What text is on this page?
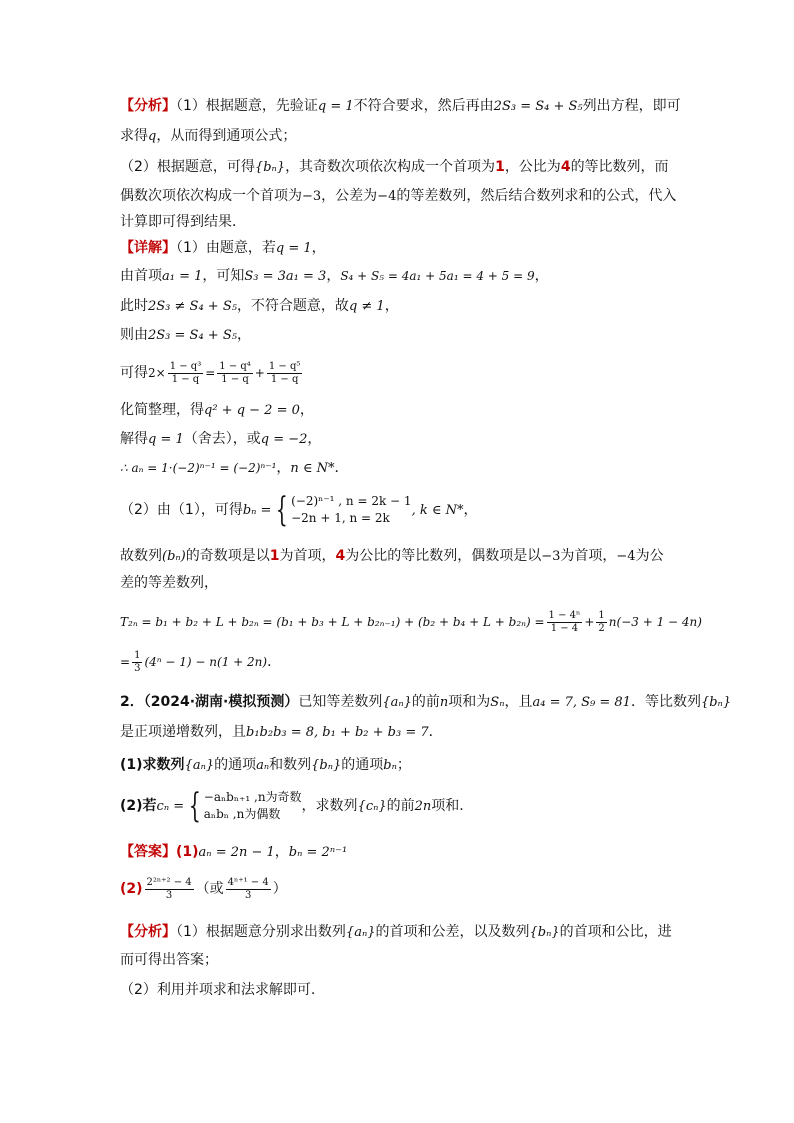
【分析】（1）根据题意，先验证q = 1不符合要求，然后再由2S₃ = S₄ + S₅列出方程，即可
求得q，从而得到通项公式；
（2）根据题意，可得{bₙ}，其奇数次项依次构成一个首项为1，公比为4的等比数列，而
偶数次项依次构成一个首项为−3，公差为−4的等差数列，然后结合数列求和的公式，代入
计算即可得到结果．
【详解】（1）由题意，若q = 1，
由首项a₁ = 1，可知S₃ = 3a₁ = 3，S₄ + S₅ = 4a₁ + 5a₁ = 4 + 5 = 9，
此时2S₃ ≠ S₄ + S₅，不符合题意，故q ≠ 1，
则由2S₃ = S₄ + S₅，
可得$2\times \frac{\text{1 − q³}}{1 - q} = \frac{\text{1 − q⁴}}{1 - q} + \frac{\text{1 − q⁵}}{1 - q}$
化简整理，得q² + q − 2 = 0，
解得q = 1（舍去），或q = −2，
∴ aₙ = 1·(−2)ⁿ⁻¹ = (−2)ⁿ⁻¹，n ∈ N*．
（2）由（1），可得bₙ = { (−2)ⁿ⁻¹ , n = 2k − 1
−2n + 1, n = 2k	, k ∈ N*，
故数列(bₙ)的奇数项是以1为首项，4为公比的等比数列，偶数项是以−3为首项，−4为公
差的等差数列，
$T_{2n} = b_1 + b_2 + L + b_{2n} = (b_1 + b_3 + L + b_{2n-1}) + (b_2 + b_4 + L + b_{2n}) = \frac{\text{1 − 4ⁿ}}{1 - 4} + \frac{1}{2} n(-3 + 1 - 4n)$
= $\frac{1}{3} (4^n - 1) - n(1 + 2n)$．
2．（2024·湖南·模拟预测）已知等差数列{aₙ}的前n项和为Sₙ，且a₄ = 7, S₉ = 81．等比数列{bₙ}
是正项递增数列，且b₁b₂b₃ = 8, b₁ + b₂ + b₃ = 7．
(1)求数列{aₙ}的通项aₙ和数列{bₙ}的通项bₙ；
(2)若cₙ = { −aₙbₙ₊₁ ,n为奇数
aₙbₙ ,n为偶数	，求数列{cₙ}的前2n项和.
【答案】(1)aₙ = 2n − 1，bₙ = 2ⁿ⁻¹
$(2) \frac{\text{2²ⁿ⁺² − 4}}{3}$ （或 $\frac{\text{4ⁿ⁺¹ − 4}}{3}$ ）
【分析】（1）根据题意分别求出数列{aₙ}的首项和公差，以及数列{bₙ}的首项和公比，进
而可得出答案；
（2）利用并项求和法求解即可.
